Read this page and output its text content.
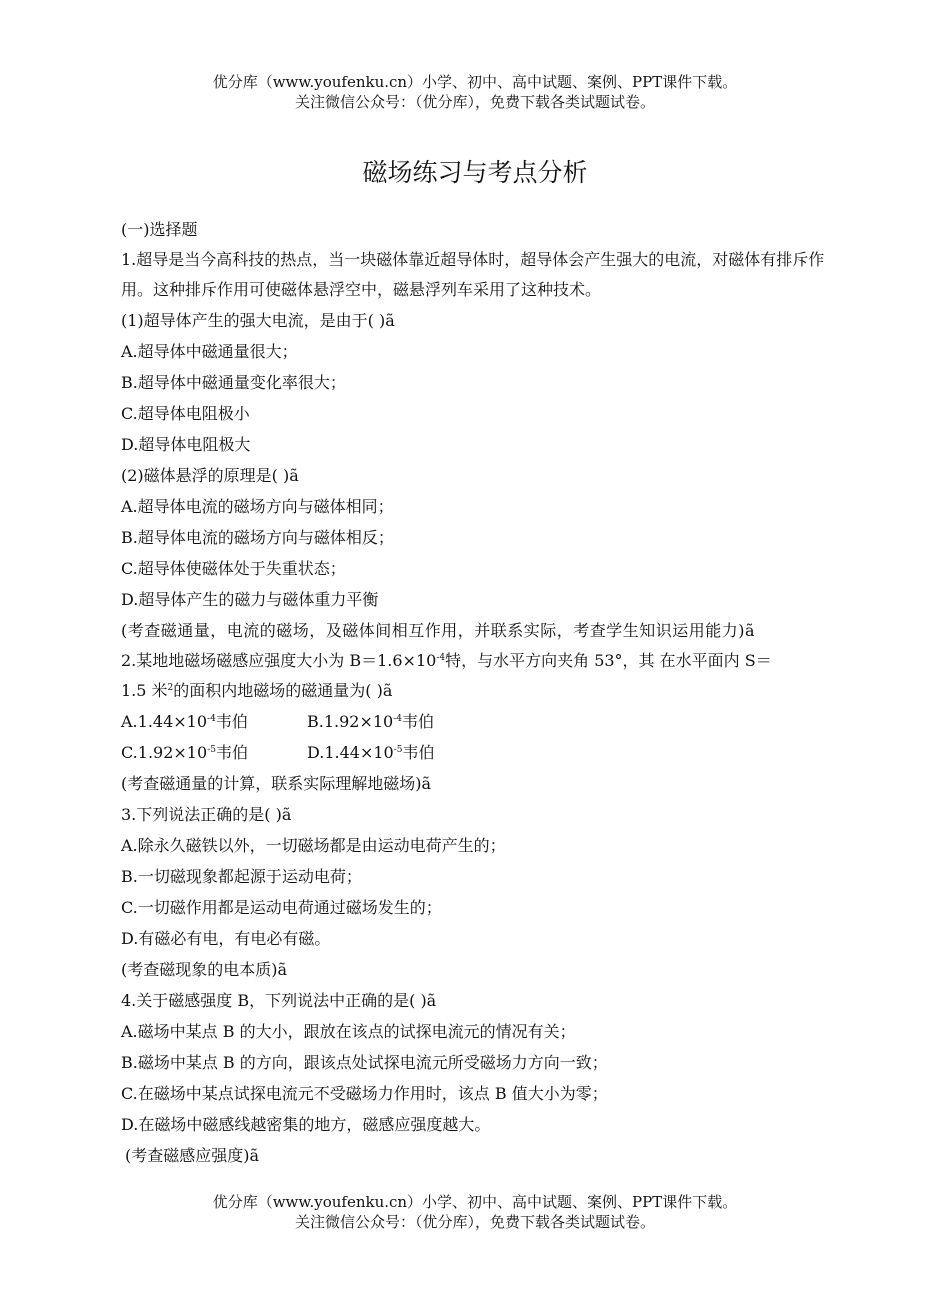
优分库（www.youfenku.cn）小学、初中、高中试题、案例、PPT课件下载。
关注微信公众号：（优分库），免费下载各类试题试卷。
磁场练习与考点分析
(一)选择题
1.超导是当今高科技的热点，当一块磁体靠近超导体时，超导体会产生强大的电流，对磁体有排斥作用。这种排斥作用可使磁体悬浮空中，磁悬浮列车采用了这种技术。
(1)超导体产生的强大电流，是由于( )ã
A.超导体中磁通量很大；
B.超导体中磁通量变化率很大；
C.超导体电阻极小
D.超导体电阻极大
(2)磁体悬浮的原理是( )ã
A.超导体电流的磁场方向与磁体相同；
B.超导体电流的磁场方向与磁体相反；
C.超导体使磁体处于失重状态；
D.超导体产生的磁力与磁体重力平衡
(考查磁通量，电流的磁场，及磁体间相互作用，并联系实际，考查学生知识运用能力)ã
2.某地地磁场磁感应强度大小为 $B=1.6\times 10^{-4}$特，与水平方向夹角 53°，其 在水平面内 S＝
1.5 米$^2$的面积内地磁场的磁通量为( )ã
$A.1.44\times 10^{-4}$韦伯	$B.1.92\times 10^{-4}$韦伯
$C.1.92\times 10^{-5}$韦伯	$D.1.44\times 10^{-5}$韦伯
(考查磁通量的计算，联系实际理解地磁场)ã
3.下列说法正确的是( )ã
A.除永久磁铁以外，一切磁场都是由运动电荷产生的；
B.一切磁现象都起源于运动电荷；
C.一切磁作用都是运动电荷通过磁场发生的；
D.有磁必有电，有电必有磁。
(考查磁现象的电本质)ã
4.关于磁感强度 B，下列说法中正确的是( )ã
A.磁场中某点 B 的大小，跟放在该点的试探电流元的情况有关；
B.磁场中某点 B 的方向，跟该点处试探电流元所受磁场力方向一致；
C.在磁场中某点试探电流元不受磁场力作用时，该点 B 值大小为零；
D.在磁场中磁感线越密集的地方，磁感应强度越大。
(考查磁感应强度)ã
优分库（www.youfenku.cn）小学、初中、高中试题、案例、PPT课件下载。
关注微信公众号：（优分库），免费下载各类试题试卷。
